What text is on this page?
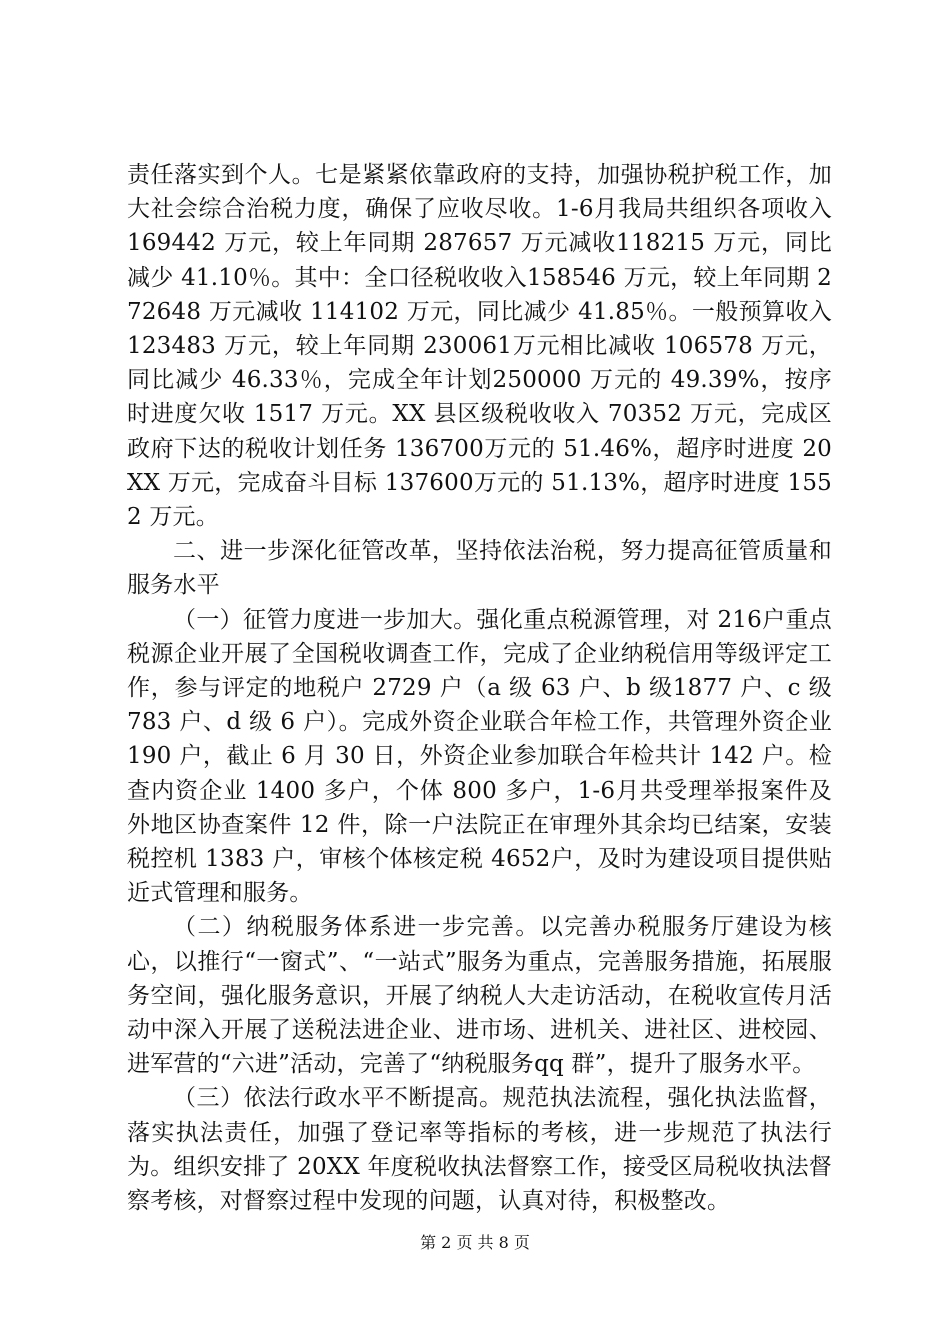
责任落实到个人。七是紧紧依靠政府的支持，加强协税护税工作，加大社会综合治税力度，确保了应收尽收。1-6月我局共组织各项收入 169442 万元，较上年同期 287657 万元减收118215 万元，同比减少 41.10％。其中：全口径税收收入158546 万元，较上年同期 272648 万元减收 114102 万元，同比减少 41.85％。一般预算收入 123483 万元，较上年同期 230061万元相比减收 106578 万元，同比减少 46.33％，完成全年计划250000 万元的 49.39%，按序时进度欠收 1517 万元。XX 县区级税收收入 70352 万元，完成区政府下达的税收计划任务 136700万元的 51.46%，超序时进度 20XX 万元，完成奋斗目标 137600万元的 51.13%，超序时进度 1552 万元。

二、进一步深化征管改革，坚持依法治税，努力提高征管质量和服务水平

（一）征管力度进一步加大。强化重点税源管理，对 216户重点税源企业开展了全国税收调查工作，完成了企业纳税信用等级评定工作，参与评定的地税户 2729 户（a 级 63 户、b 级1877 户、c 级 783 户、d 级 6 户）。完成外资企业联合年检工作，共管理外资企业 190 户，截止 6 月 30 日，外资企业参加联合年检共计 142 户。检查内资企业 1400 多户，个体 800 多户，1-6月共受理举报案件及外地区协查案件 12 件，除一户法院正在审理外其余均已结案，安装税控机 1383 户，审核个体核定税 4652户，及时为建设项目提供贴近式管理和服务。

（二）纳税服务体系进一步完善。以完善办税服务厅建设为核心，以推行“一窗式”、“一站式”服务为重点，完善服务措施，拓展服务空间，强化服务意识，开展了纳税人大走访活动，在税收宣传月活动中深入开展了送税法进企业、进市场、进机关、进社区、进校园、进军营的“六进”活动，完善了“纳税服务qq 群”，提升了服务水平。

（三）依法行政水平不断提高。规范执法流程，强化执法监督，落实执法责任，加强了登记率等指标的考核，进一步规范了执法行为。组织安排了 20XX 年度税收执法督察工作，接受区局税收执法督察考核，对督察过程中发现的问题，认真对待，积极整改。

第 2 页 共 8 页
